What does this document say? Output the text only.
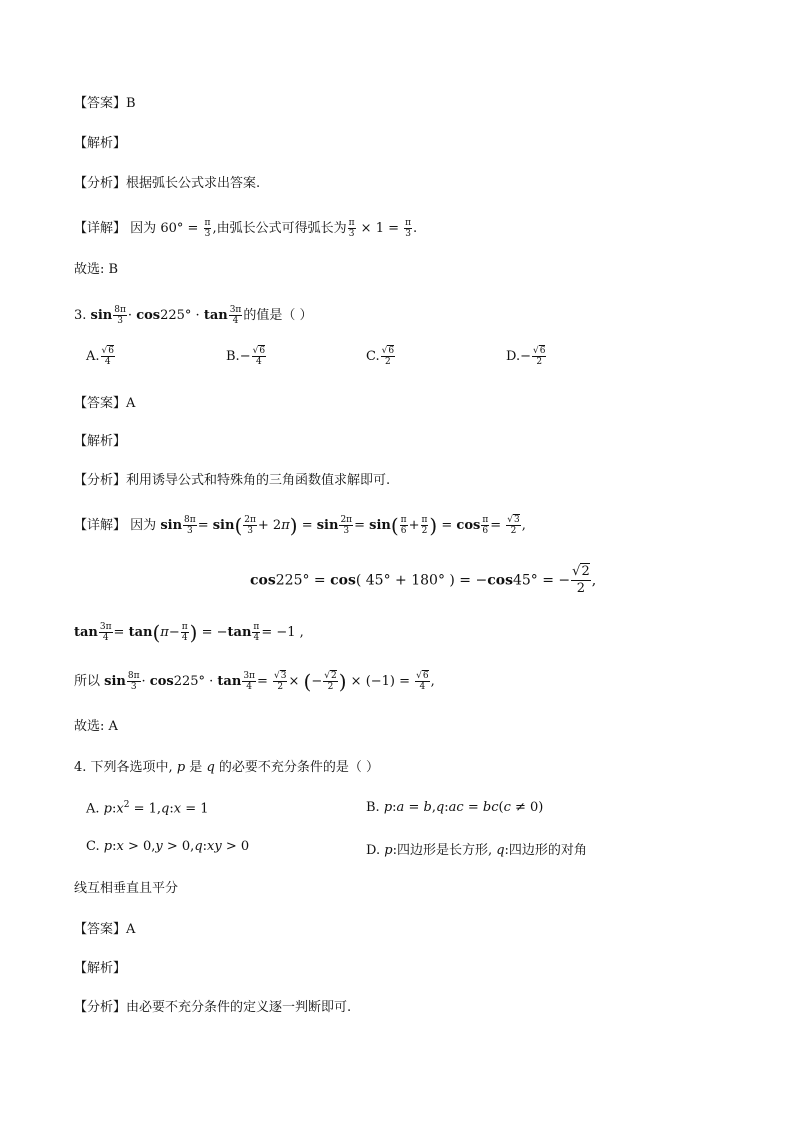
【答案】B
【解析】
【分析】根据弧长公式求出答案.
【详解】 因为 $60^\circ = \frac{\pi}{3}$ ,由弧长公式可得弧长为 $\frac{\pi}{3} \times 1 = \frac{\pi}{3}$ .
故选: B
3. $\sin \frac{8\pi}{3} \cdot \cos 225^\circ \cdot \tan \frac{3\pi}{4}$ 的值是（ ）
A. $\frac{√6}{4}$	$B.- \frac{√6}{4}$	C. $\frac{√6}{2}$	$D.- \frac{√6}{2}$
【答案】A
【解析】
【分析】利用诱导公式和特殊角的三角函数值求解即可.
【详解】 因为 $\sin \frac{8\pi}{3} = \sin( \frac{2\pi}{3} + 2\pi) = \sin \frac{2\pi}{3} = \sin( \frac{\pi}{6} + \frac{\pi}{2}$ ) = $\cos \frac{\pi}{6} = \frac{√3}{2}$ ,
cos225° = cos( 45° + 180° ) = −cos45° = − $\frac{√2}{2}$ ,
$\tan \frac{3\pi}{4} = \tan(\pi- \frac{\pi}{4}$ ) = $-\tan \frac{\pi}{4} = -1$ ,
所以 $\sin \frac{8\pi}{3} \cdot \cos 225^\circ \cdot \tan \frac{3\pi}{4} = \frac{√3}{2}$ × (− $\frac{√2}{2}$ ) × $(-1) = \frac{√6}{4}$ ,
故选: A
4. 下列各选项中, p 是 q 的必要不充分条件的是（ ）
A. $p:x^2$ = 1,q:x = 1	B. p:a = b,q:ac = bc(c ≠ 0)
C. p:x > 0,y > 0,q:xy > 0	D. p:四边形是长方形, q:四边形的对角
线互相垂直且平分
【答案】A
【解析】
【分析】由必要不充分条件的定义逐一判断即可.
